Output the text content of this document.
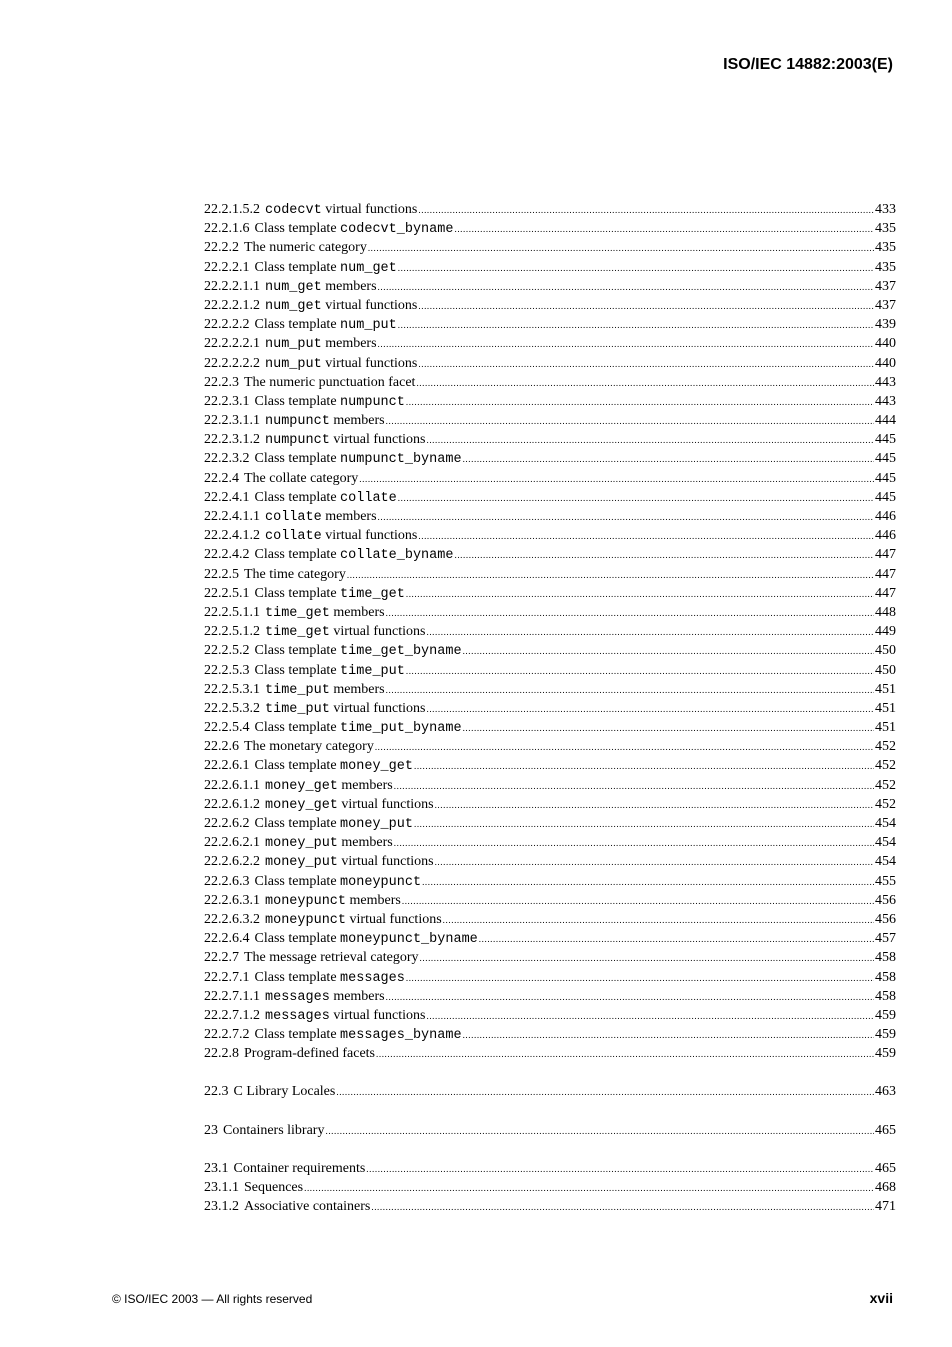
ISO/IEC 14882:2003(E)
22.2.1.5.2 codecvt virtual functions .....	433
22.2.1.6 Class template codecvt_byname .....	435
22.2.2 The numeric category .....	435
22.2.2.1 Class template num_get .....	435
22.2.2.1.1 num_get members .....	437
22.2.2.1.2 num_get virtual functions .....	437
22.2.2.2 Class template num_put .....	439
22.2.2.2.1 num_put members .....	440
22.2.2.2.2 num_put virtual functions .....	440
22.2.3 The numeric punctuation facet .....	443
22.2.3.1 Class template numpunct .....	443
22.2.3.1.1 numpunct members .....	444
22.2.3.1.2 numpunct virtual functions .....	445
22.2.3.2 Class template numpunct_byname .....	445
22.2.4 The collate category .....	445
22.2.4.1 Class template collate .....	445
22.2.4.1.1 collate members .....	446
22.2.4.1.2 collate virtual functions .....	446
22.2.4.2 Class template collate_byname .....	447
22.2.5 The time category .....	447
22.2.5.1 Class template time_get .....	447
22.2.5.1.1 time_get members .....	448
22.2.5.1.2 time_get virtual functions .....	449
22.2.5.2 Class template time_get_byname .....	450
22.2.5.3 Class template time_put .....	450
22.2.5.3.1 time_put members .....	451
22.2.5.3.2 time_put virtual functions .....	451
22.2.5.4 Class template time_put_byname .....	451
22.2.6 The monetary category .....	452
22.2.6.1 Class template money_get .....	452
22.2.6.1.1 money_get members .....	452
22.2.6.1.2 money_get virtual functions .....	452
22.2.6.2 Class template money_put .....	454
22.2.6.2.1 money_put members .....	454
22.2.6.2.2 money_put virtual functions .....	454
22.2.6.3 Class template moneypunct .....	455
22.2.6.3.1 moneypunct members .....	456
22.2.6.3.2 moneypunct virtual functions .....	456
22.2.6.4 Class template moneypunct_byname .....	457
22.2.7 The message retrieval category .....	458
22.2.7.1 Class template messages .....	458
22.2.7.1.1 messages members .....	458
22.2.7.1.2 messages virtual functions .....	459
22.2.7.2 Class template messages_byname .....	459
22.2.8 Program-defined facets .....	459
22.3 C Library Locales .....	463
23 Containers library .....	465
23.1 Container requirements .....	465
23.1.1 Sequences .....	468
23.1.2 Associative containers .....	471
© ISO/IEC 2003 — All rights reserved	xvii
